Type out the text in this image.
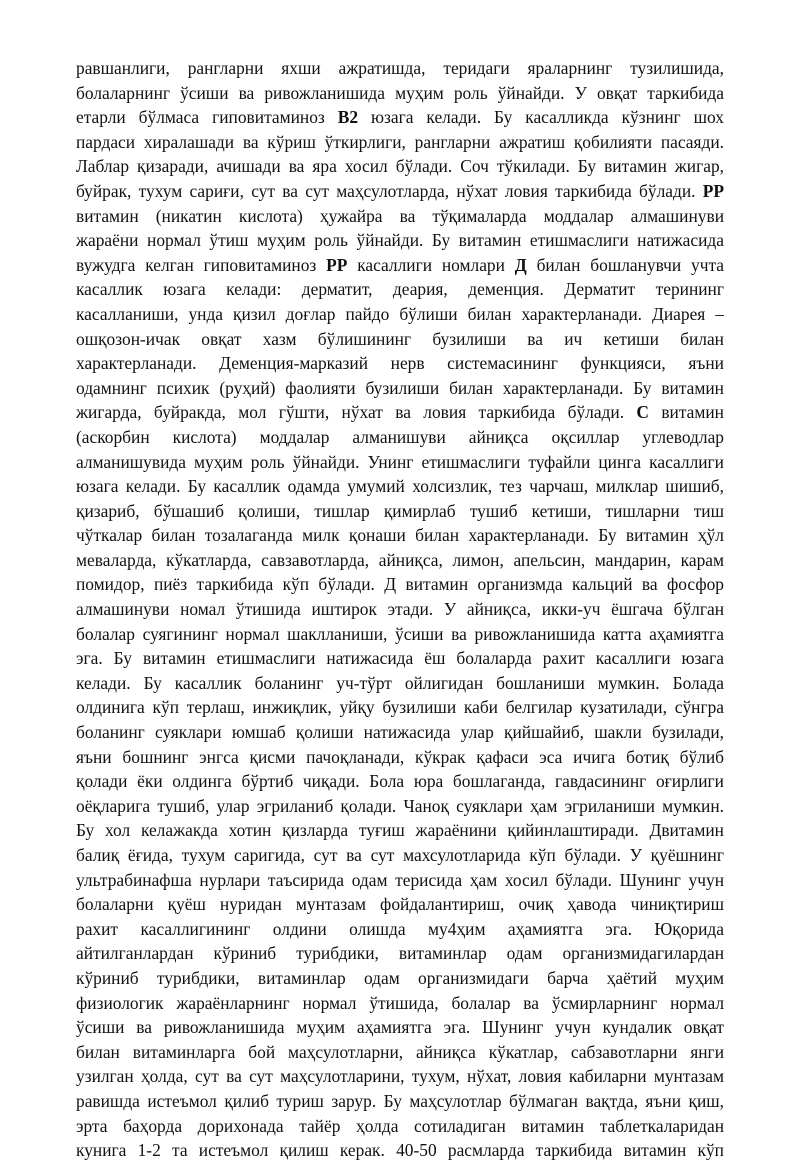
равшанлиги, рангларни яхши ажратишда, теридаги яраларнинг тузилишида,
болаларнинг ўсиши ва ривожланишида муҳим роль ўйнайди. У овқат таркибида
етарли бўлмаса гиповитаминоз B2 юзага келади. Бу касалликда кўзнинг шох
пардаси хиралашади ва кўриш ўткирлиги, рангларни ажратиш қобилияти пасаяди.
Лаблар қизаради, ачишади ва яра хосил бўлади. Соч тўкилади. Бу витамин жигар,
буйрак, тухум сариғи, сут ва сут маҳсулотларда, нўхат ловия таркибида бўлади. PP
витамин (никатин кислота) ҳужайра ва тўқималарда моддалар алмашинуви
жараёни нормал ўтиш муҳим роль ўйнайди. Бу витамин етишмаслиги натижасида
вужудга келган гиповитаминоз PP касаллиги номлари Д билан бошланувчи учта
касаллик юзага келади: дерматит, деария, деменция. Дерматит терининг
касалланиши, унда қизил доғлар пайдо бўлиши билан характерланади. Диарея –
ошқозон-ичак овқат хазм бўлишининг бузилиши ва ич кетиши билан
характерланади. Деменция-марказий нерв системасининг функцияси, яъни
одамнинг психик (руҳий) фаолияти бузилиши билан характерланади. Бу витамин
жигарда, буйракда, мол гўшти, нўхат ва ловия таркибида бўлади. C витамин
(аскорбин кислота) моддалар алманишуви айниқса оқсиллар углеводлар
алманишувида муҳим роль ўйнайди. Унинг етишмаслиги туфайли цинга касаллиги
юзага келади. Бу касаллик одамда умумий холсизлик, тез чарчаш, милклар шишиб,
қизариб, бўшашиб қолиши, тишлар қимирлаб тушиб кетиши, тишларни тиш
чўткалар билан тозалаганда милк қонаши билан характерланади. Бу витамин ҳўл
меваларда, кўкатларда, савзавотларда, айниқса, лимон, апельсин, мандарин, карам
помидор, пиёз таркибида кўп бўлади. Д витамин организмда кальций ва фосфор
алмашинуви номал ўтишида иштирок этади. У айниқса, икки-уч ёшгача бўлган
болалар суягининг нормал шаклланиши, ўсиши ва ривожланишида катта аҳамиятга
эга. Бу витамин етишмаслиги натижасида ёш болаларда рахит касаллиги юзага
келади. Бу касаллик боланинг уч-тўрт ойлигидан бошланиши мумкин. Болада
олдинига кўп терлаш, инжиқлик, уйқу бузилиши каби белгилар кузатилади, сўнгра
боланинг суяклари юмшаб қолиши натижасида улар қийшайиб, шакли бузилади,
яъни бошнинг энгса қисми пачоқланади, кўкрак қафаси эса ичига ботиқ бўлиб
қолади ёки олдинга бўртиб чиқади. Бола юра бошлаганда, гавдасининг оғирлиги
оёқларига тушиб, улар эгриланиб қолади. Чаноқ суяклари ҳам эгриланиши мумкин.
Бу хол келажакда хотин қизларда туғиш жараёнини қийинлаштиради. Двитамин
балиқ ёғида, тухум саригида, сут ва сут махсулотларида кўп бўлади. У қуёшнинг
ультрабинафша нурлари таъсирида одам терисида ҳам хосил бўлади. Шунинг учун
болаларни қуёш нуридан мунтазам фойдалантириш, очиқ ҳавода чиниқтириш
рахит касаллигининг олдини олишда му4ҳим аҳамиятга эга. Юқорида
айтилганлардан кўриниб турибдики, витаминлар одам организмидагилардан
кўриниб турибдики, витаминлар одам организмидаги барча ҳаётий муҳим
физиологик жараёнларнинг нормал ўтишида, болалар ва ўсмирларнинг нормал
ўсиши ва ривожланишида муҳим аҳамиятга эга. Шунинг учун кундалик овқат
билан витаминларга бой маҳсулотларни, айниқса кўкатлар, сабзавотларни янги
узилган ҳолда, сут ва сут маҳсулотларини, тухум, нўхат, ловия кабиларни мунтазам
равишда истеъмол қилиб туриш зарур. Бу маҳсулотлар бўлмаган вақтда, яъни қиш,
эрта баҳорда дорихонада тайёр ҳолда сотиладиган витамин таблеткаларидан
кунига 1-2 та истеъмол қилиш керак. 40-50 расмларда таркибида витамин кўп
